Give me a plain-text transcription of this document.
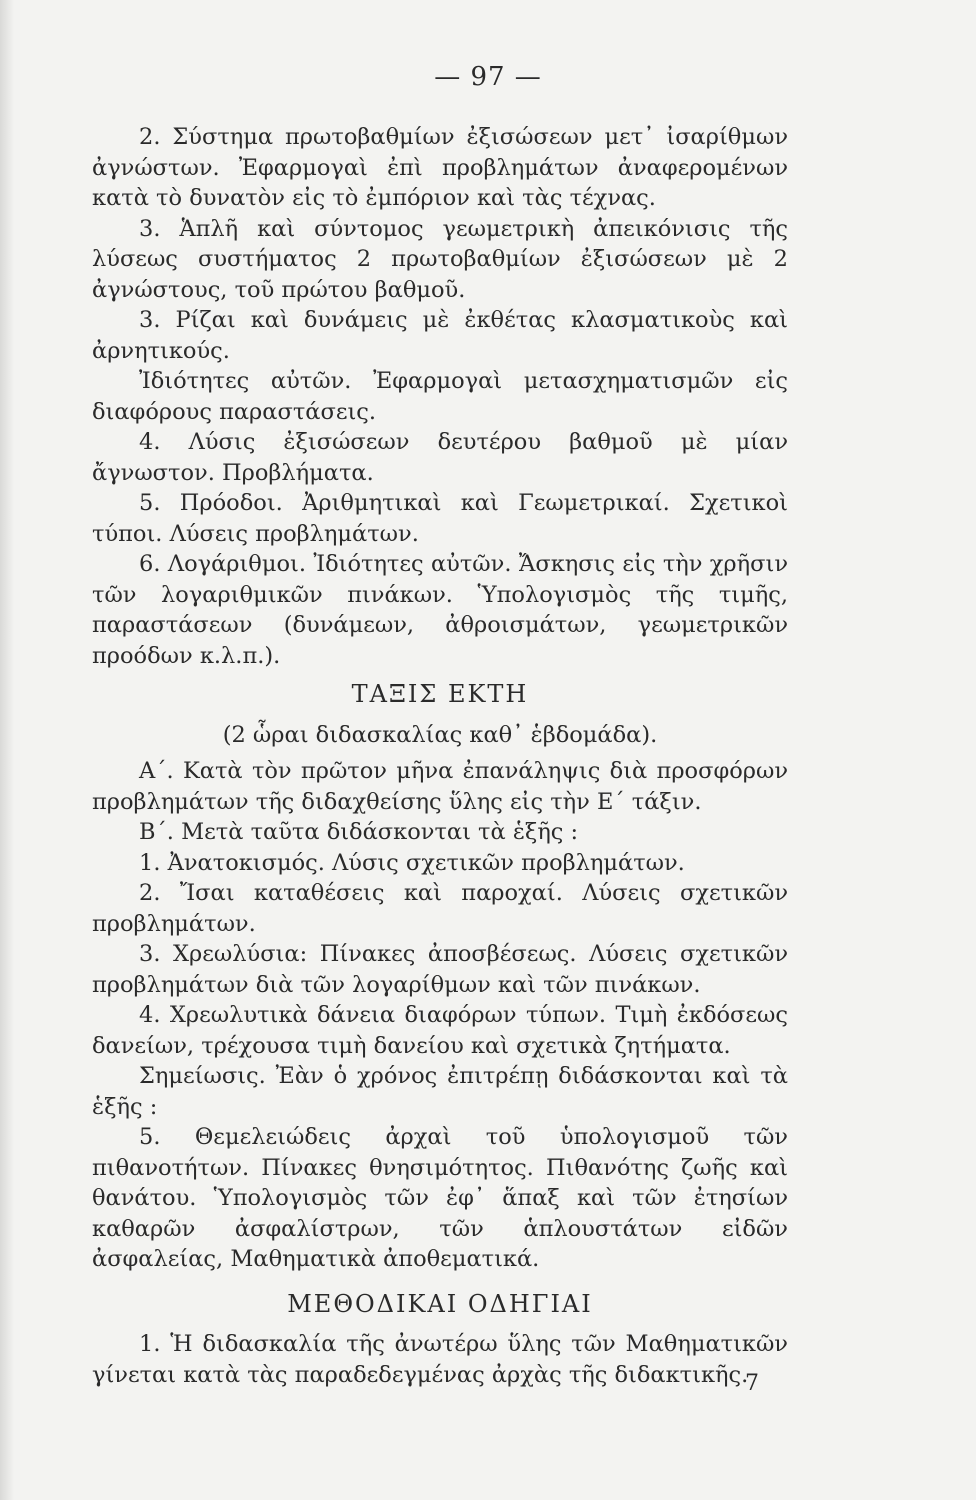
— 97 —

2. Σύστημα πρωτοβαθμίων ἐξισώσεων μετ᾽ ἰσαρίθμων ἀγνώστων. Ἐφαρμογαὶ ἐπὶ προβλημάτων ἀναφερομένων κατὰ τὸ δυνατὸν εἰς τὸ ἐμπόριον καὶ τὰς τέχνας.

3. Ἁπλῆ καὶ σύντομος γεωμετρικὴ ἀπεικόνισις τῆς λύσεως συστήματος 2 πρωτοβαθμίων ἐξισώσεων μὲ 2 ἀγνώστους, τοῦ πρώτου βαθμοῦ.

3. Ρίζαι καὶ δυνάμεις μὲ ἐκθέτας κλασματικοὺς καὶ ἀρνητικούς.

Ἰδιότητες αὐτῶν. Ἐφαρμογαὶ μετασχηματισμῶν εἰς διαφόρους παραστάσεις.

4. Λύσις ἐξισώσεων δευτέρου βαθμοῦ μὲ μίαν ἄγνωστον. Προβλήματα.

5. Πρόοδοι. Ἀριθμητικαὶ καὶ Γεωμετρικαί. Σχετικοὶ τύποι. Λύσεις προβλημάτων.

6. Λογάριθμοι. Ἰδιότητες αὐτῶν. Ἄσκησις εἰς τὴν χρῆσιν τῶν λογαριθμικῶν πινάκων. Ὑπολογισμὸς τῆς τιμῆς, παραστάσεων (δυνάμεων, ἀθροισμάτων, γεωμετρικῶν προόδων κ.λ.π.).

ΤΑΞΙΣ ΕΚΤΗ
(2 ὧραι διδασκαλίας καθ᾽ ἑβδομάδα).

Α΄. Κατὰ τὸν πρῶτον μῆνα ἐπανάληψις διὰ προσφόρων προβλημάτων τῆς διδαχθείσης ὕλης εἰς τὴν Ε΄ τάξιν.

Β΄. Μετὰ ταῦτα διδάσκονται τὰ ἑξῆς :

1. Ἀνατοκισμός. Λύσις σχετικῶν προβλημάτων.

2. Ἴσαι καταθέσεις καὶ παροχαί. Λύσεις σχετικῶν προβλημάτων.

3. Χρεωλύσια: Πίνακες ἀποσβέσεως. Λύσεις σχετικῶν προβλημάτων διὰ τῶν λογαρίθμων καὶ τῶν πινάκων.

4. Χρεωλυτικὰ δάνεια διαφόρων τύπων. Τιμὴ ἐκδόσεως δανείων, τρέχουσα τιμὴ δανείου καὶ σχετικὰ ζητήματα.

Σημείωσις. Ἐὰν ὁ χρόνος ἐπιτρέπῃ διδάσκονται καὶ τὰ ἑξῆς :

5. Θεμελειώδεις ἀρχαὶ τοῦ ὑπολογισμοῦ τῶν πιθανοτήτων. Πίνακες θνησιμότητος. Πιθανότης ζωῆς καὶ θανάτου. Ὑπολογισμὸς τῶν ἐφ᾽ ἅπαξ καὶ τῶν ἐτησίων καθαρῶν ἀσφαλίστρων, τῶν ἁπλουστάτων εἰδῶν ἀσφαλείας, Μαθηματικὰ ἀποθεματικά.

ΜΕΘΟΔΙΚΑΙ ΟΔΗΓΙΑΙ

1. Ἡ διδασκαλία τῆς ἀνωτέρω ὕλης τῶν Μαθηματικῶν γίνεται κατὰ τὰς παραδεδεγμένας ἀρχὰς τῆς διδακτικῆς.

7
